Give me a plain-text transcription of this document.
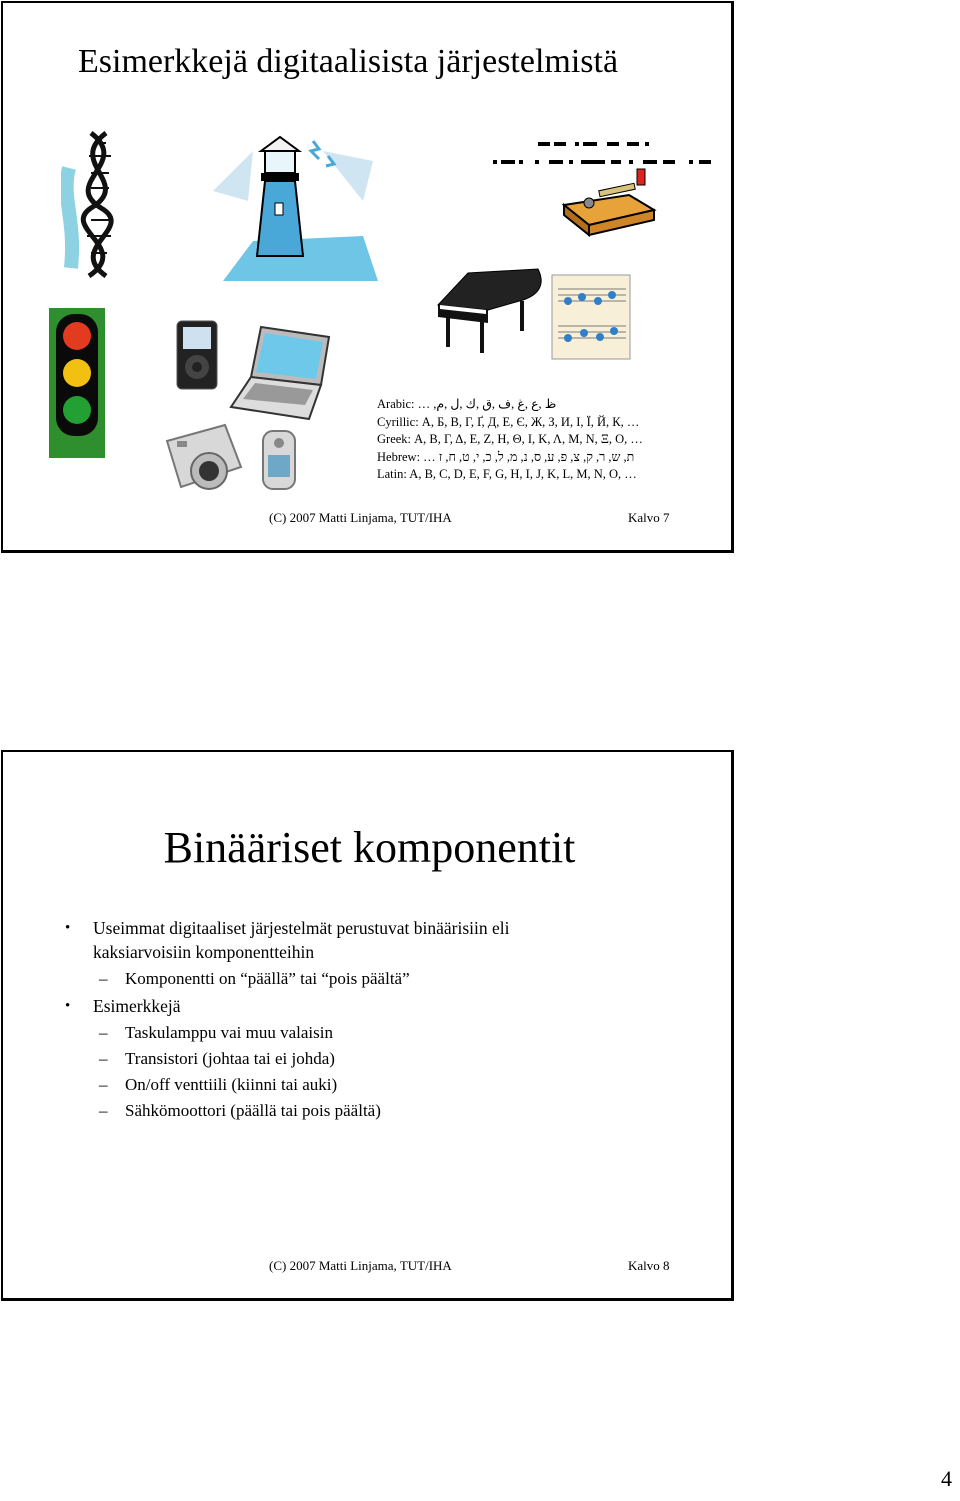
Esimerkkejä digitaalisista järjestelmistä
Arabic: … ,ظ ,ع ,غ ,ف ,ق ,ك ,ل ,م
Cyrillic: А, Б, В, Г, Ґ, Д, Е, Є, Ж, З, И, І, Ї, Й, К, …
Greek: Α, Β, Γ, Δ, Ε, Ζ, Η, Θ, Ι, Κ, Λ, Μ, Ν, Ξ, Ο, …
Hebrew: … ת, ש, ר, ק, צ, פ, ע, ס, נ, מ, ל, כ, י, ט, ח, ז
Latin: A, B, C, D, E, F, G, H, I, J, K, L, M, N, O, …
(C) 2007 Matti Linjama, TUT/IHA	Kalvo 7
Binääriset komponentit
• Useimmat digitaaliset järjestelmät perustuvat binäärisiin eli kaksiarvoisiin komponentteihin
– Komponentti on “päällä” tai “pois päältä”
• Esimerkkejä
– Taskulamppu vai muu valaisin
– Transistori (johtaa tai ei johda)
– On/off venttiili (kiinni tai auki)
– Sähkömoottori (päällä tai pois päältä)
(C) 2007 Matti Linjama, TUT/IHA	Kalvo 8
4
